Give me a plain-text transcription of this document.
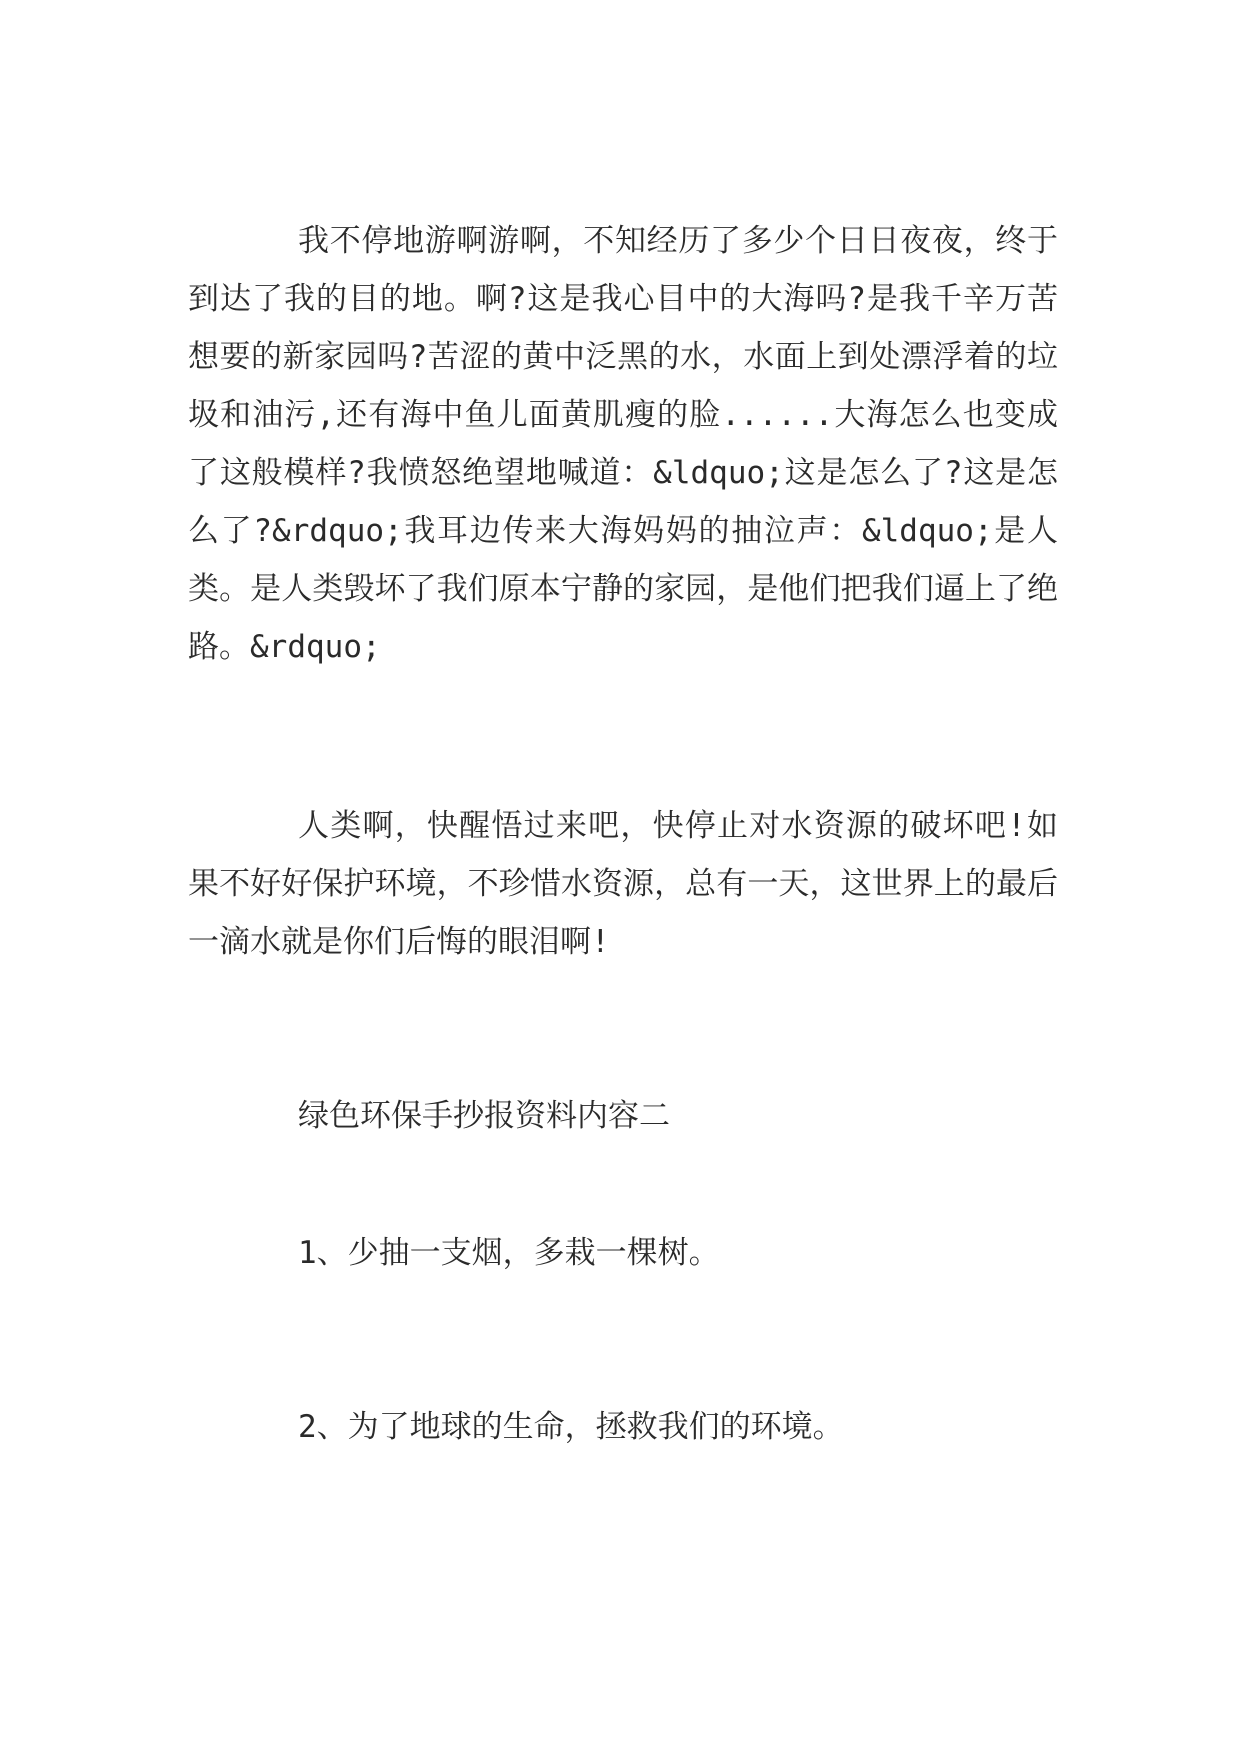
我不停地游啊游啊，不知经历了多少个日日夜夜，终于到达了我的目的地。啊?这是我心目中的大海吗?是我千辛万苦想要的新家园吗?苦涩的黄中泛黑的水，水面上到处漂浮着的垃圾和油污,还有海中鱼儿面黄肌瘦的脸......大海怎么也变成了这般模样?我愤怒绝望地喊道：&ldquo;这是怎么了?这是怎么了?&rdquo;我耳边传来大海妈妈的抽泣声：&ldquo;是人类。是人类毁坏了我们原本宁静的家园，是他们把我们逼上了绝路。&rdquo;

人类啊，快醒悟过来吧，快停止对水资源的破坏吧!如果不好好保护环境，不珍惜水资源，总有一天，这世界上的最后一滴水就是你们后悔的眼泪啊!

绿色环保手抄报资料内容二

1、少抽一支烟，多栽一棵树。

2、为了地球的生命，拯救我们的环境。
